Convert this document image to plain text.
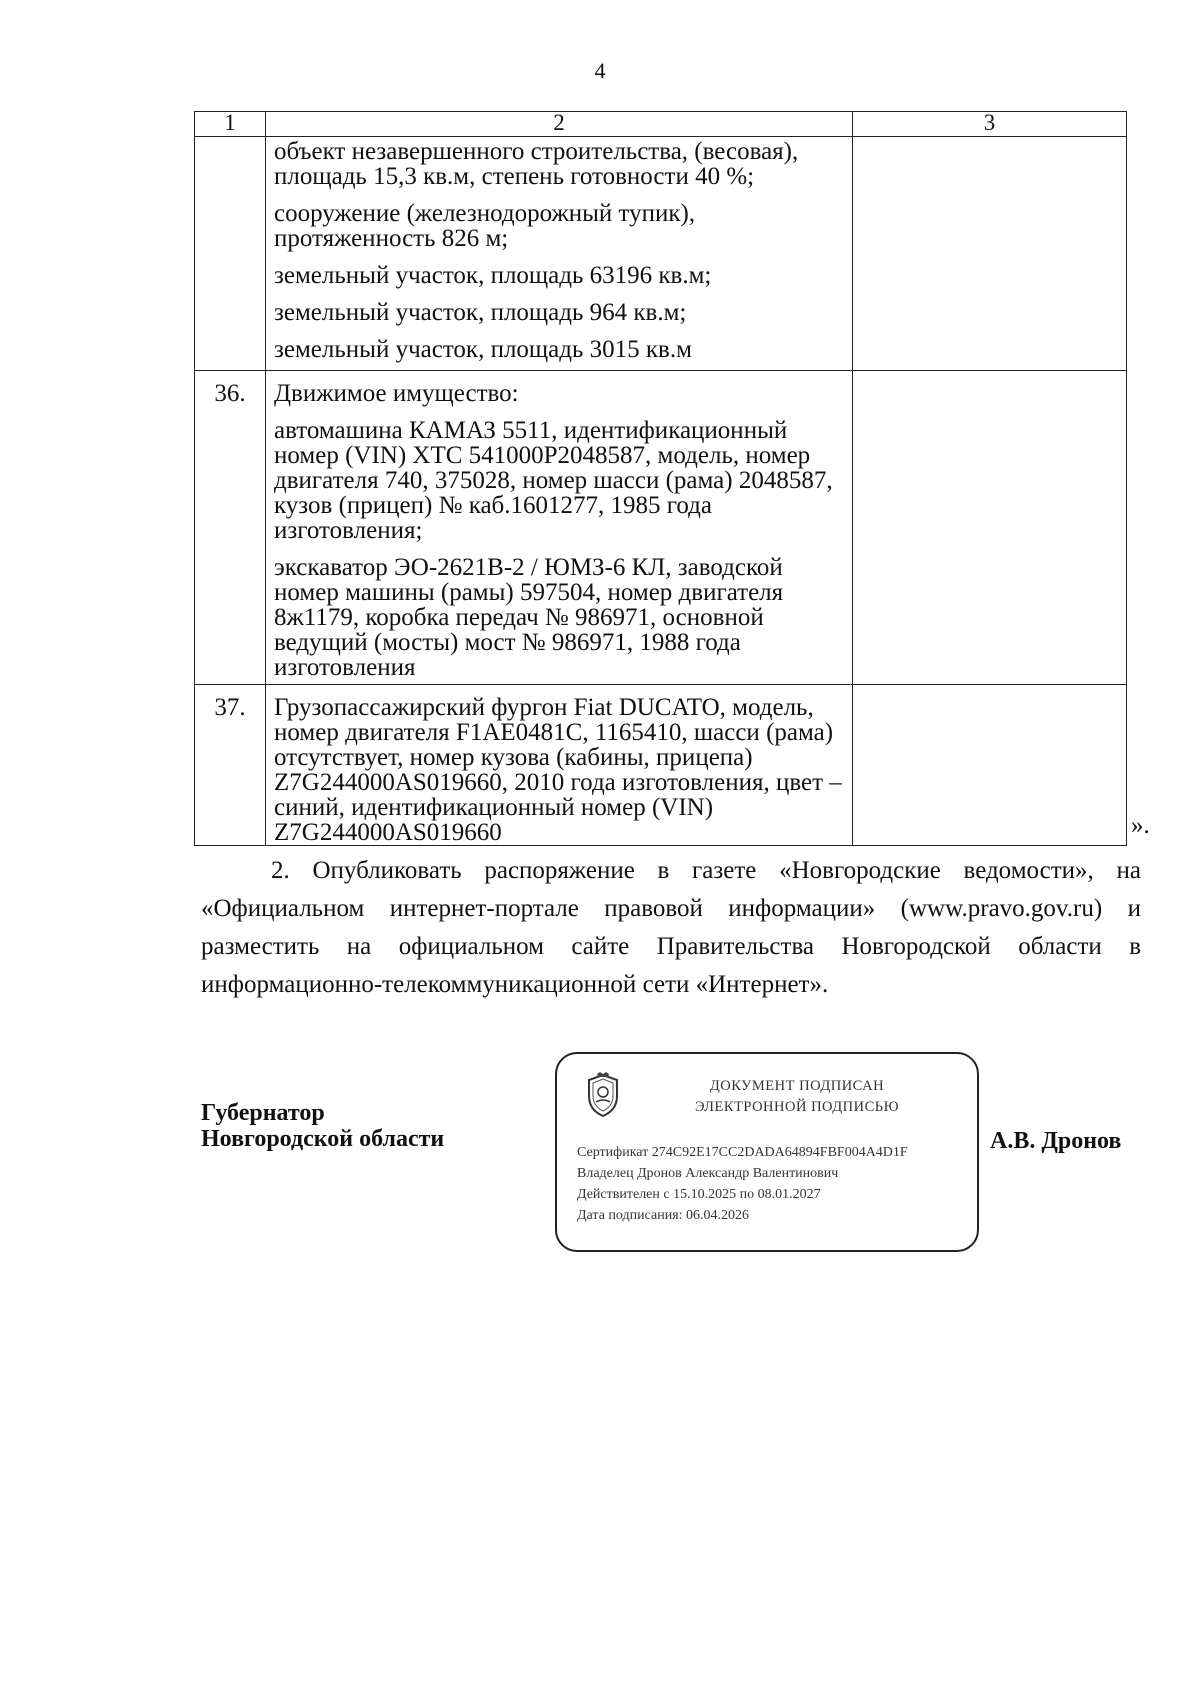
4
1	2	3

	объект незавершенного строительства, (весовая), площадь 15,3 кв.м, степень готовности 40 %;
сооружение (железнодорожный тупик), протяженность 826 м;
земельный участок, площадь 63196 кв.м;
земельный участок, площадь 964 кв.м;
земельный участок, площадь 3015 кв.м	

36.	Движимое имущество:
автомашина КАМАЗ 5511, идентификационный номер (VIN) XTC 541000P2048587, модель, номер двигателя 740, 375028, номер шасси (рама) 2048587, кузов (прицеп) № каб.1601277, 1985 года изготовления;
экскаватор ЭО-2621В-2 / ЮМЗ-6 КЛ, заводской номер машины (рамы) 597504, номер двигателя 8ж1179, коробка передач № 986971, основной ведущий (мосты) мост № 986971, 1988 года изготовления	

37.	Грузопассажирский фургон Fiat DUCATO, модель, номер двигателя F1AE0481C, 1165410, шасси (рама) отсутствует, номер кузова (кабины, прицепа) Z7G244000AS019660, 2010 года изготовления, цвет – синий, идентификационный номер (VIN) Z7G244000AS019660	
		».

2. Опубликовать распоряжение в газете «Новгородские ведомости», на «Официальном интернет-портале правовой информации» (www.pravo.gov.ru) и разместить на официальном сайте Правительства Новгородской области в информационно-телекоммуникационной сети «Интернет».

Губернатор
Новгородской области
ДОКУМЕНТ ПОДПИСАН
ЭЛЕКТРОННОЙ ПОДПИСЬЮ
Сертификат 274C92E17CC2DADA64894FBF004A4D1F
Владелец Дронов Александр Валентинович
Действителен с 15.10.2025 по 08.01.2027
Дата подписания: 06.04.2026
А.В. Дронов
